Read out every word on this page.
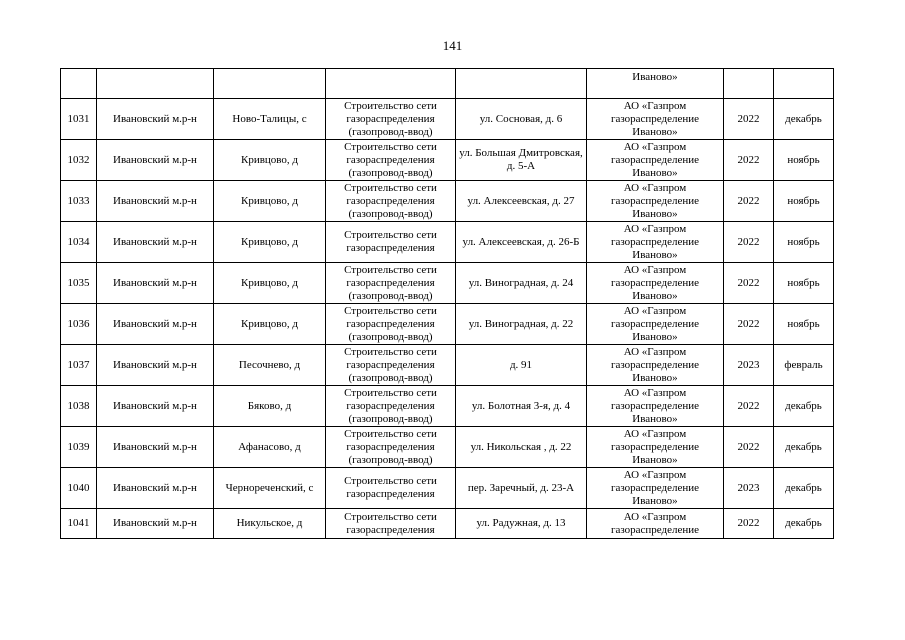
141
					Иваново»		
1031	Ивановский м.р-н	Ново-Талицы, с	Строительство сети газораспределения (газопровод-ввод)	ул. Сосновая, д. 6	АО «Газпром газораспределение Иваново»	2022	декабрь
1032	Ивановский м.р-н	Кривцово, д	Строительство сети газораспределения (газопровод-ввод)	ул. Большая Дмитровская, д. 5-А	АО «Газпром газораспределение Иваново»	2022	ноябрь
1033	Ивановский м.р-н	Кривцово, д	Строительство сети газораспределения (газопровод-ввод)	ул. Алексеевская, д. 27	АО «Газпром газораспределение Иваново»	2022	ноябрь
1034	Ивановский м.р-н	Кривцово, д	Строительство сети газораспределения	ул. Алексеевская, д. 26-Б	АО «Газпром газораспределение Иваново»	2022	ноябрь
1035	Ивановский м.р-н	Кривцово, д	Строительство сети газораспределения (газопровод-ввод)	ул. Виноградная, д. 24	АО «Газпром газораспределение Иваново»	2022	ноябрь
1036	Ивановский м.р-н	Кривцово, д	Строительство сети газораспределения (газопровод-ввод)	ул. Виноградная, д. 22	АО «Газпром газораспределение Иваново»	2022	ноябрь
1037	Ивановский м.р-н	Песочнево, д	Строительство сети газораспределения (газопровод-ввод)	д. 91	АО «Газпром газораспределение Иваново»	2023	февраль
1038	Ивановский м.р-н	Бяково, д	Строительство сети газораспределения (газопровод-ввод)	ул. Болотная 3-я, д. 4	АО «Газпром газораспределение Иваново»	2022	декабрь
1039	Ивановский м.р-н	Афанасово, д	Строительство сети газораспределения (газопровод-ввод)	ул. Никольская , д. 22	АО «Газпром газораспределение Иваново»	2022	декабрь
1040	Ивановский м.р-н	Чернореченский, с	Строительство сети газораспределения	пер. Заречный, д. 23-А	АО «Газпром газораспределение Иваново»	2023	декабрь
1041	Ивановский м.р-н	Никульское, д	Строительство сети газораспределения	ул. Радужная, д. 13	АО «Газпром газораспределение	2022	декабрь
